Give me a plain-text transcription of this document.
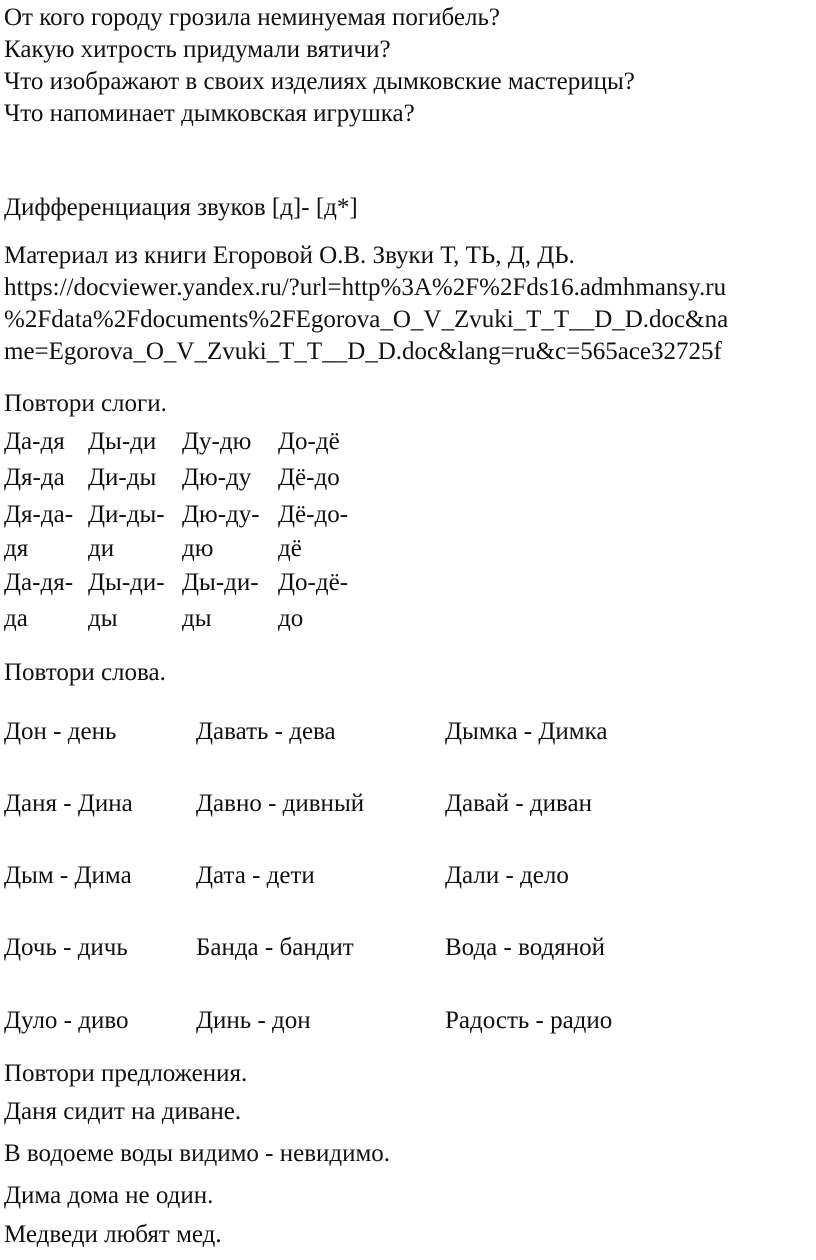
От кого городу грозила неминуемая погибель?
Какую хитрость придумали вятичи?
Что изображают в своих изделиях дымковские мастерицы?
Что напоминает дымковская игрушка?
Дифференциация звуков [д]- [д*]
Материал из книги Егоровой О.В. Звуки Т, ТЬ, Д, ДЬ.
https://docviewer.yandex.ru/?url=http%3A%2F%2Fds16.admhmansy.ru
%2Fdata%2Fdocuments%2FEgorova_O_V_Zvuki_T_T__D_D.doc&na
me=Egorova_O_V_Zvuki_T_T__D_D.doc&lang=ru&c=565ace32725f
Повтори слоги.
Да-дя Ды-ди Ду-дю До-дё
Дя-да Ди-ды Дю-ду Дё-до
Дя-да- Ди-ды- Дю-ду- Дё-до-
дя ди	дю	дё
Да-дя- Ды-ди- Ды-ди- До-дё-
да ды	ды	до
Повтори слова.
Дон - день	Давать - дева	Дымка - Димка
Даня - Дина	Давно - дивный	Давай - диван
Дым - Дима	Дата - дети	Дали - дело
Дочь - дичь	Банда - бандит	Вода - водяной
Дуло - диво	Динь - дон	Радость - радио
Повтори предложения.
Даня сидит на диване.
В водоеме воды видимо - невидимо.
Дима дома не один.
Медведи любят мед.
